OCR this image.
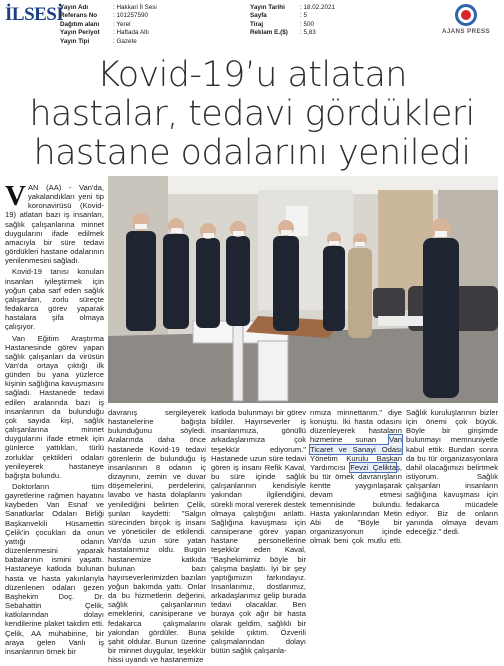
İLSESİ
Yayın Adı	: Hakkari İl Sesi
Referans No	: 101257590
Dağıtım alanı	: Yerel
Yayın Periyot	: Haftada Altı
Yayın Tipi	: Gazete
Yayın Tarihi	: 18.02.2021
Sayfa	: 5
Tiraj	: 500
Reklam E.($)	: 5,83	AJANS PRESS
Kovid-19’u atlatan
hastalar, tedavi gördükleri
hastane odalarını yeniledi

VAN (AA) - Van'da, yakalandıkları yeni tip koronavirüsü (Kovid-19) atlatan bazı iş insanları, sağlık çalışanlarına minnet duygularını ifade edilmek amacıyla bir süre tedavi gördükleri hastane odalarının yenilenmesini sağladı.

Kovid-19 tanısı konulan insanları iyileştirmek için yoğun çaba sarf eden sağlık çalışanları, zorlu süreçte fedakarca görev yaparak hastalara şifa olmaya çalışıyor.

Van Eğitim Araştırma Hastanesinde görev yapan sağlık çalışanları da virüsün Van'da ortaya çıktığı ilk günden bu yana yüzlerce kişinin sağlığına kavuşmasını sağladı. Hastanede tedavi edilen aralarında bazı iş insanlarının da bulunduğu çok sayıda kişi, sağlık çalışanlarına minnet duygularını ifade etmek için günlerce yattıkları, türlü zorluklar çektikleri odaları yenileyerek hastaneye bağışta bulundu.

Doktorların tüm gayretlerine rağmen hayatını kaybeden Van Esnaf ve Sanatkarlar Odaları Birliği Başkanvekili Hüsamettin Çelik'in çocukları da onun yattığı odanın düzenlenmesini yaparak babalarının ismini yaşattı. Hastaneye katkıda bulunan hasta ve hasta yakınlarıyla düzenlenen odaları gezen Başhekim Doç. Dr. Sebahattin Çelik, katkılarından dolayı kendilerine plaket takdim etti. Çelik, AA muhabirine, bir araya gelen Vanlı iş insanlarının örnek bir

davranış sergileyerek hastanelerine bağışta bulunduğunu söyledi. Aralarında daha önce hastanede Kovid-19 tedavi görenlerin de bulunduğu iş insanlarının 8 odanın iç dizaynını, zemin ve duvar döşemelerini, perdelerini, lavabo ve hasta dolaplarını yenilediğini belirten Çelik, şunları kaydetti: "Salgın sürecinden birçok iş insanı ve yöneticiler de etkilendi. Van'da uzun süre yatan hastalarımız oldu. Bugün hastanemize katkıda bulunan bazı hayırseverlerimizden bazıları yoğun bakımda yattı. Onlar da bu hizmetlerin değerini, sağlık çalışanlarının emeklerini, canisiperane ve fedakarca çalışmalarını yakından gördüler. Buna şahit oldular. Bunun üzerine bir minnet duygular, teşekkür hissi uyandı ve hastanemize

katkıda bulunmayı bir görev bildiler. Hayırseverler iş insanlarımıza, gönüllü arkadaşlarımıza çok teşekkür ediyorum." Hastanede uzun süre tedavi gören iş insanı Refik Kaval, bu süre içinde sağlık çalışanlarının kendisiyle yakından ilgilendiğini, sürekli moral vererek destek olmaya çalıştığını anlattı. Sağlığına kavuşması için cansiperane görev yapan hastane personellerine teşekkür eden Kaval, "Başhekimimiz böyle bir çalışma başlattı. İyi bir şey yaptığımızın farkındayız. İnsanlarımız, dostlarımız, arkadaşlarımız gelip burada tedavi olacaklar. Ben buraya çok ağır bir hasta olarak geldim, sağlıklı bir şekilde çıktım. Özverili çalışmalarından dolayı bütün sağlık çalışanla-

rımıza minnettarım." diye konuştu. İki hasta odasını düzenleyerek hastaların hizmetine sunan Van Ticaret ve Sanayi Odası Yönetim Kurulu Başkan Yardımcısı Fevzi Çeliktaş, bu tür örnek davranışların kentte yaygınlaşarak devam etmesi temennisinde bulundu. Hasta yakınlarından Metin Abi de "Böyle bir organizasyonun içinde olmak beni çok mutlu etti. Sağlık kuruluşlarının bizler için önemi çok büyük. Böyle bir girişimde bulunmayı memnuniyetle kabul ettik. Bundan sonra da bu tür organizasyonlara dahil olacağımızı belirtmek istiyorum. Sağlık çalışanları insanların sağlığına kavuşması için fedakarca mücadele ediyor. Biz de onların yanında olmaya devam edeceğiz." dedi.
